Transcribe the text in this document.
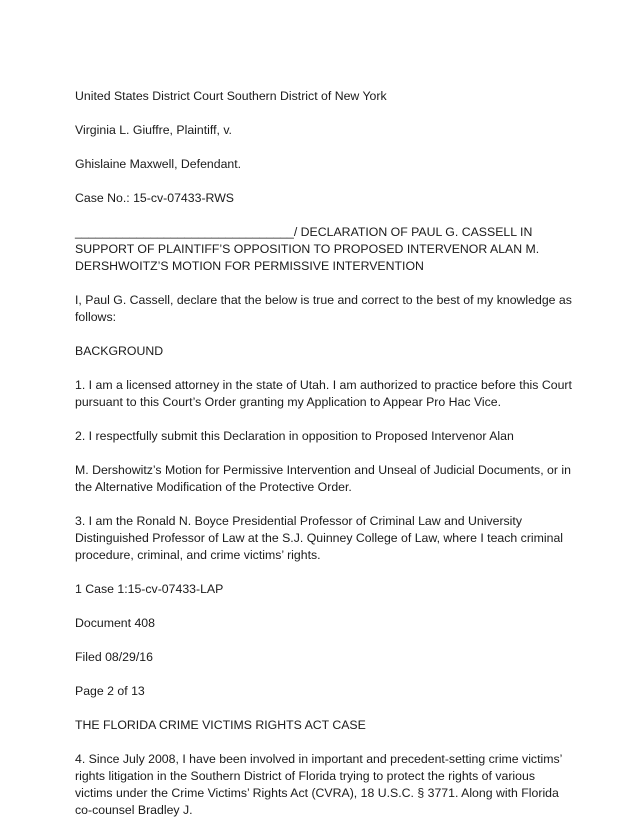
United States District Court Southern District of New York

Virginia L. Giuffre, Plaintiff, v.

Ghislaine Maxwell, Defendant.

Case No.: 15-cv-07433-RWS

________________________________/ DECLARATION OF PAUL G. CASSELL IN SUPPORT OF PLAINTIFF’S OPPOSITION TO PROPOSED INTERVENOR ALAN M. DERSHWOITZ’S MOTION FOR PERMISSIVE INTERVENTION

I, Paul G. Cassell, declare that the below is true and correct to the best of my knowledge as follows:

BACKGROUND

1. I am a licensed attorney in the state of Utah. I am authorized to practice before this Court pursuant to this Court’s Order granting my Application to Appear Pro Hac Vice.

2. I respectfully submit this Declaration in opposition to Proposed Intervenor Alan

M. Dershowitz’s Motion for Permissive Intervention and Unseal of Judicial Documents, or in the Alternative Modification of the Protective Order.

3. I am the Ronald N. Boyce Presidential Professor of Criminal Law and University Distinguished Professor of Law at the S.J. Quinney College of Law, where I teach criminal procedure, criminal, and crime victims’ rights.

1 Case 1:15-cv-07433-LAP

Document 408

Filed 08/29/16

Page 2 of 13

THE FLORIDA CRIME VICTIMS RIGHTS ACT CASE

4. Since July 2008, I have been involved in important and precedent-setting crime victims’ rights litigation in the Southern District of Florida trying to protect the rights of various victims under the Crime Victims’ Rights Act (CVRA), 18 U.S.C. § 3771. Along with Florida co-counsel Bradley J.
